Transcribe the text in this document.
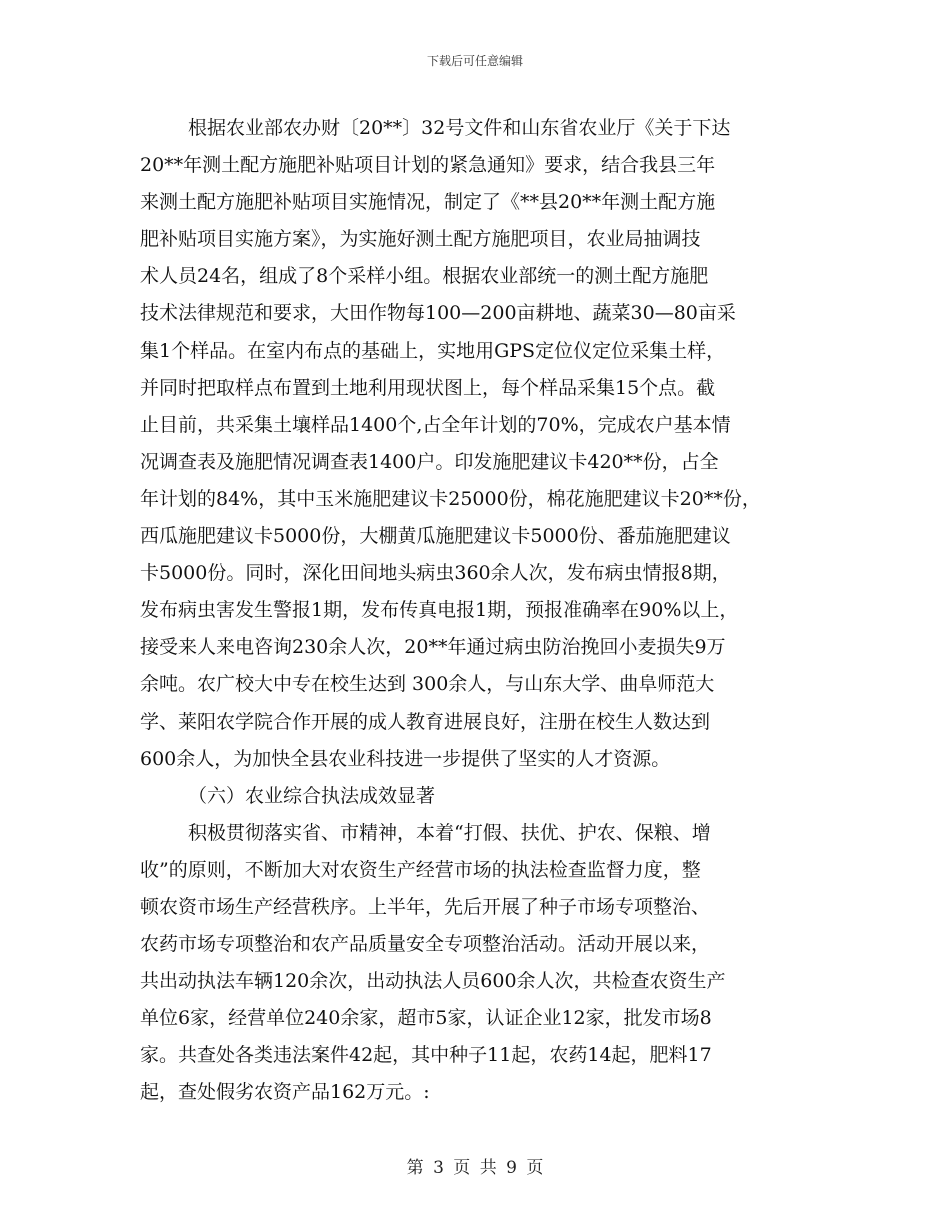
下载后可任意编辑
根据农业部农办财〔20**〕32号文件和山东省农业厅《关于下达
20**年测土配方施肥补贴项目计划的紧急通知》要求，结合我县三年
来测土配方施肥补贴项目实施情况，制定了《**县20**年测土配方施
肥补贴项目实施方案》，为实施好测土配方施肥项目，农业局抽调技
术人员24名，组成了8个采样小组。根据农业部统一的测土配方施肥
技术法律规范和要求，大田作物每100—200亩耕地、蔬菜30—80亩采
集1个样品。在室内布点的基础上，实地用GPS定位仪定位采集土样，
并同时把取样点布置到土地利用现状图上，每个样品采集15个点。截
止目前，共采集土壤样品1400个,占全年计划的70%，完成农户基本情
况调查表及施肥情况调查表1400户。印发施肥建议卡420**份，占全
年计划的84%，其中玉米施肥建议卡25000份，棉花施肥建议卡20**份，
西瓜施肥建议卡5000份，大棚黄瓜施肥建议卡5000份、番茄施肥建议
卡5000份。同时，深化田间地头病虫360余人次，发布病虫情报8期，
发布病虫害发生警报1期，发布传真电报1期，预报准确率在90%以上，
接受来人来电咨询230余人次，20**年通过病虫防治挽回小麦损失9万
余吨。农广校大中专在校生达到 300余人，与山东大学、曲阜师范大
学、莱阳农学院合作开展的成人教育进展良好，注册在校生人数达到
600余人，为加快全县农业科技进一步提供了坚实的人才资源。
（六）农业综合执法成效显著
积极贯彻落实省、市精神，本着“打假、扶优、护农、保粮、增
收”的原则，不断加大对农资生产经营市场的执法检查监督力度，整
顿农资市场生产经营秩序。上半年，先后开展了种子市场专项整治、
农药市场专项整治和农产品质量安全专项整治活动。活动开展以来，
共出动执法车辆120余次，出动执法人员600余人次，共检查农资生产
单位6家，经营单位240余家，超市5家，认证企业12家，批发市场8
家。共查处各类违法案件42起，其中种子11起，农药14起，肥料17
起，查处假劣农资产品162万元。:
第 3 页 共 9 页
